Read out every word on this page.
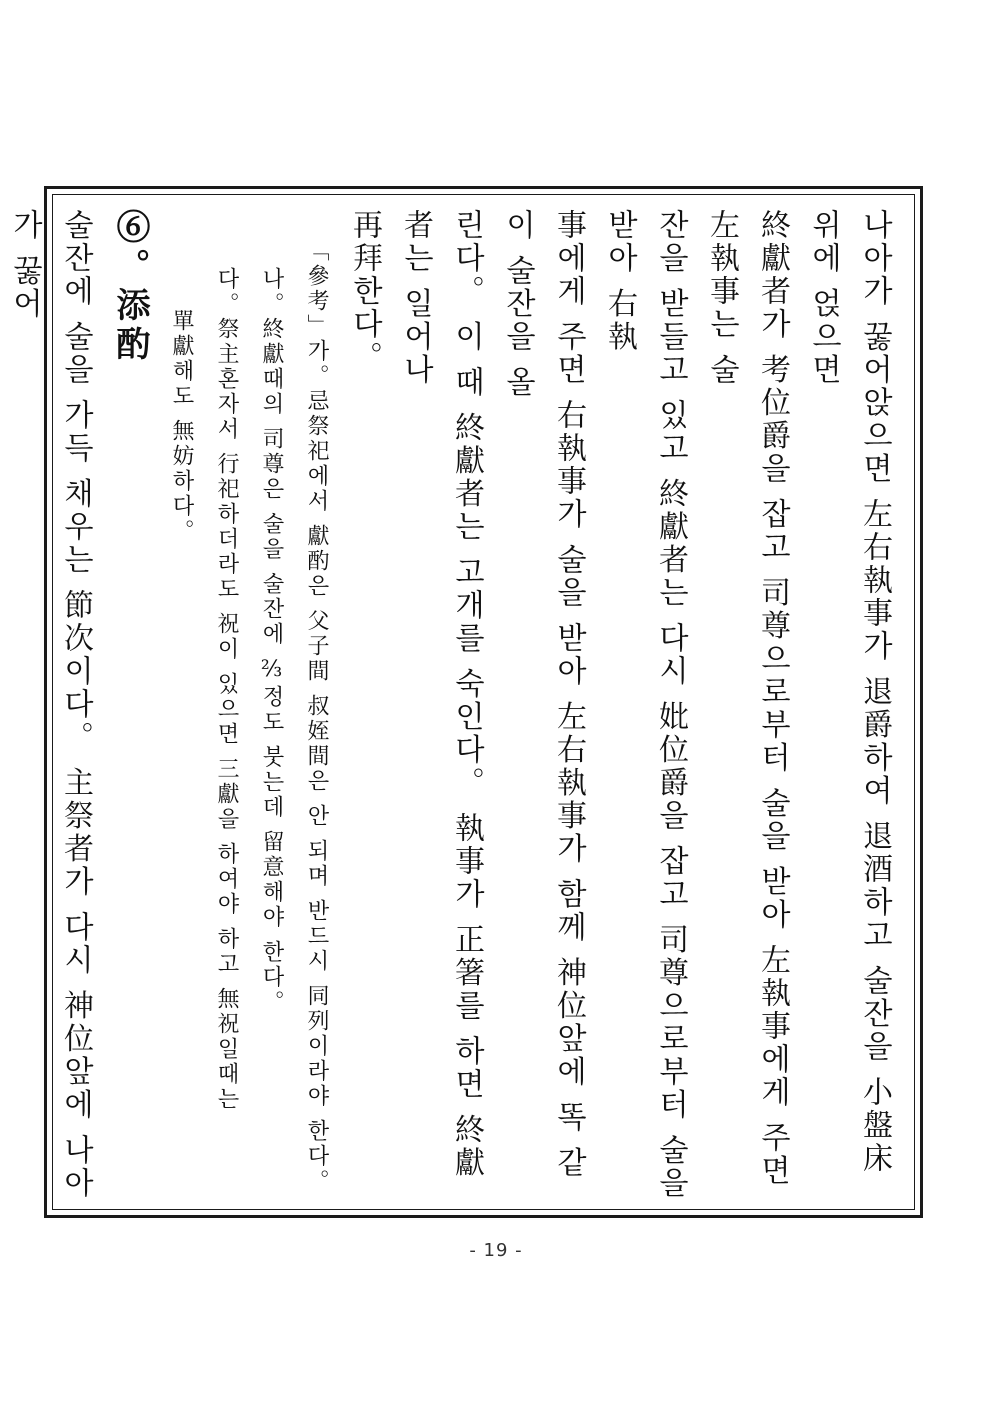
나아가 꿇어앉으면 左右執事가 退爵하여 退酒하고 술잔을 小盤床위에 얹으면

終獻者가 考位爵을 잡고 司尊으로부터 술을 받아 左執事에게 주면 左執事는 술

잔을 받들고 있고 終獻者는 다시 妣位爵을 잡고 司尊으로부터 술을 받아 右執

事에게 주면 右執事가 술을 받아 左右執事가 함께 神位앞에 똑 같이 술잔을 올

린다。 이 때 終獻者는 고개를 숙인다。 執事가 正箸를 하면 終獻者는 일어나

再拜한다。

「參考」가。忌祭祀에서 獻酌은 父子間 叔姪間은 안 되며 반드시 同列이라야 한다。

나。終獻때의 司尊은 술을 술잔에 ⅔정도 붓는데 留意해야 한다。

다。祭主혼자서 行祀하더라도 祝이 있으면 三獻을 하여야 하고 無祝일때는

單獻해도 無妨하다。

⑥。添酌

술잔에 술을 가득 채우는 節次이다。 主祭者가 다시 神位앞에 나아가 꿇어

- 19 -
